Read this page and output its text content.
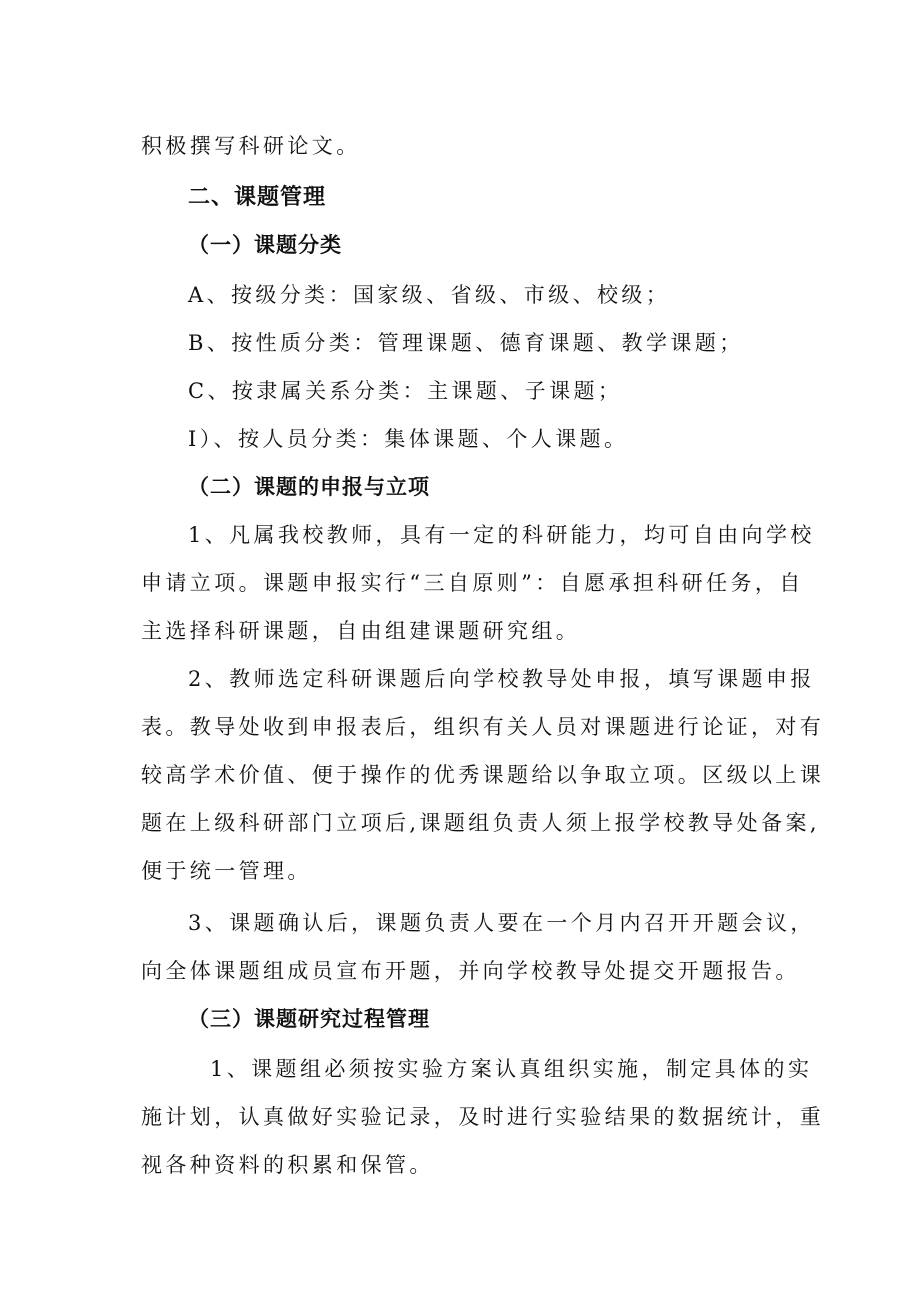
积极撰写科研论文。

二、课题管理
（一）课题分类

A、按级分类：国家级、省级、市级、校级；

B、按性质分类：管理课题、德育课题、教学课题；

C、按隶属关系分类：主课题、子课题；

I）、按人员分类：集体课题、个人课题。

（二）课题的申报与立项

1、凡属我校教师，具有一定的科研能力，均可自由向学校

申请立项。课题申报实行“三自原则”：自愿承担科研任务，自

主选择科研课题，自由组建课题研究组。

2、教师选定科研课题后向学校教导处申报，填写课题申报

表。教导处收到申报表后，组织有关人员对课题进行论证，对有

较高学术价值、便于操作的优秀课题给以争取立项。区级以上课

题在上级科研部门立项后,课题组负责人须上报学校教导处备案,

便于统一管理。

3、课题确认后，课题负责人要在一个月内召开开题会议，

向全体课题组成员宣布开题，并向学校教导处提交开题报告。

（三）课题研究过程管理

1、课题组必须按实验方案认真组织实施，制定具体的实

施计划，认真做好实验记录，及时进行实验结果的数据统计，重

视各种资料的积累和保管。
